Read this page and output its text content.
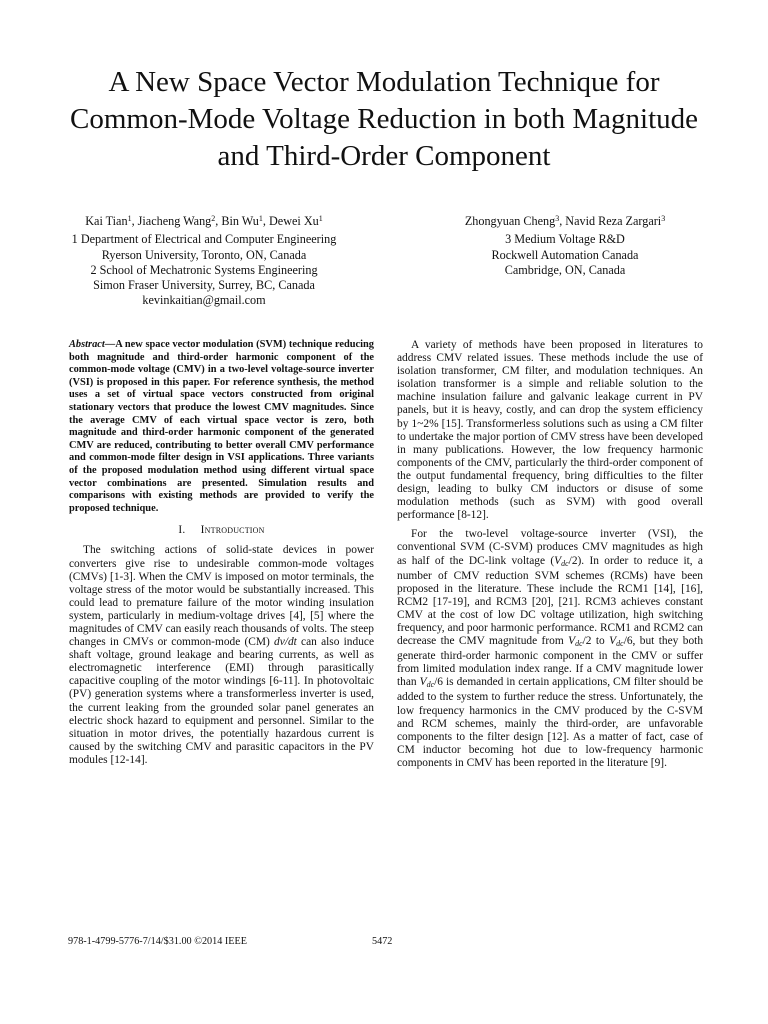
A New Space Vector Modulation Technique for
Common-Mode Voltage Reduction in both Magnitude
and Third-Order Component
Kai Tian$^1$, Jiacheng Wang$^2$, Bin Wu$^1$, Dewei Xu$^1$
1 Department of Electrical and Computer Engineering
Ryerson University, Toronto, ON, Canada
2 School of Mechatronic Systems Engineering
Simon Fraser University, Surrey, BC, Canada
kevinkaitian@gmail.com
Zhongyuan Cheng$^3$, Navid Reza Zargari$^3$
3 Medium Voltage R&D
Rockwell Automation Canada
Cambridge, ON, Canada
Abstract—A new space vector modulation (SVM) technique reducing both magnitude and third-order harmonic component of the common-mode voltage (CMV) in a two-level voltage-source inverter (VSI) is proposed in this paper. For reference synthesis, the method uses a set of virtual space vectors constructed from original stationary vectors that produce the lowest CMV magnitudes. Since the average CMV of each virtual space vector is zero, both magnitude and third-order harmonic component of the generated CMV are reduced, contributing to better overall CMV performance and common-mode filter design in VSI applications. Three variants of the proposed modulation method using different virtual space vector combinations are presented. Simulation results and comparisons with existing methods are provided to verify the proposed technique.
I. Introduction

The switching actions of solid-state devices in power converters give rise to undesirable common-mode voltages (CMVs) [1-3]. When the CMV is imposed on motor terminals, the voltage stress of the motor would be substantially increased. This could lead to premature failure of the motor winding insulation system, particularly in medium-voltage drives [4], [5] where the magnitudes of CMV can easily reach thousands of volts. The steep changes in CMVs or common-mode (CM) dv/dt can also induce shaft voltage, ground leakage and bearing currents, as well as electromagnetic interference (EMI) through parasitically capacitive coupling of the motor windings [6-11]. In photovoltaic (PV) generation systems where a transformerless inverter is used, the current leaking from the grounded solar panel generates an electric shock hazard to equipment and personnel. Similar to the situation in motor drives, the potentially hazardous current is caused by the switching CMV and parasitic capacitors in the PV modules [12-14].

A variety of methods have been proposed in literatures to address CMV related issues. These methods include the use of isolation transformer, CM filter, and modulation techniques. An isolation transformer is a simple and reliable solution to the machine insulation failure and galvanic leakage current in PV panels, but it is heavy, costly, and can drop the system efficiency by 1~2% [15]. Transformerless solutions such as using a CM filter to undertake the major portion of CMV stress have been developed in many publications. However, the low frequency harmonic components of the CMV, particularly the third-order component of the output fundamental frequency, bring difficulties to the filter design, leading to bulky CM inductors or disuse of some modulation methods (such as SVM) with good overall performance [8-12].

For the two-level voltage-source inverter (VSI), the conventional SVM (C-SVM) produces CMV magnitudes as high as half of the DC-link voltage $(V_{dc}/2)$. In order to reduce it, a number of CMV reduction SVM schemes (RCMs) have been proposed in the literature. These include the RCM1 [14], [16], RCM2 [17-19], and RCM3 [20], [21]. RCM3 achieves constant CMV at the cost of low DC voltage utilization, high switching frequency, and poor harmonic performance. RCM1 and RCM2 can decrease the CMV magnitude from $V_{dc}/2$ to $V_{dc}/6$, but they both generate third-order harmonic component in the CMV or suffer from limited modulation index range. If a CMV magnitude lower than $V_{dc}/6$ is demanded in certain applications, CM filter should be added to the system to further reduce the stress. Unfortunately, the low frequency harmonics in the CMV produced by the C-SVM and RCM schemes, mainly the third-order, are unfavorable components to the filter design [12]. As a matter of fact, case of CM inductor becoming hot due to low-frequency harmonic components in CMV has been reported in the literature [9].

978-1-4799-5776-7/14/$31.00 ©2014 IEEE	5472
